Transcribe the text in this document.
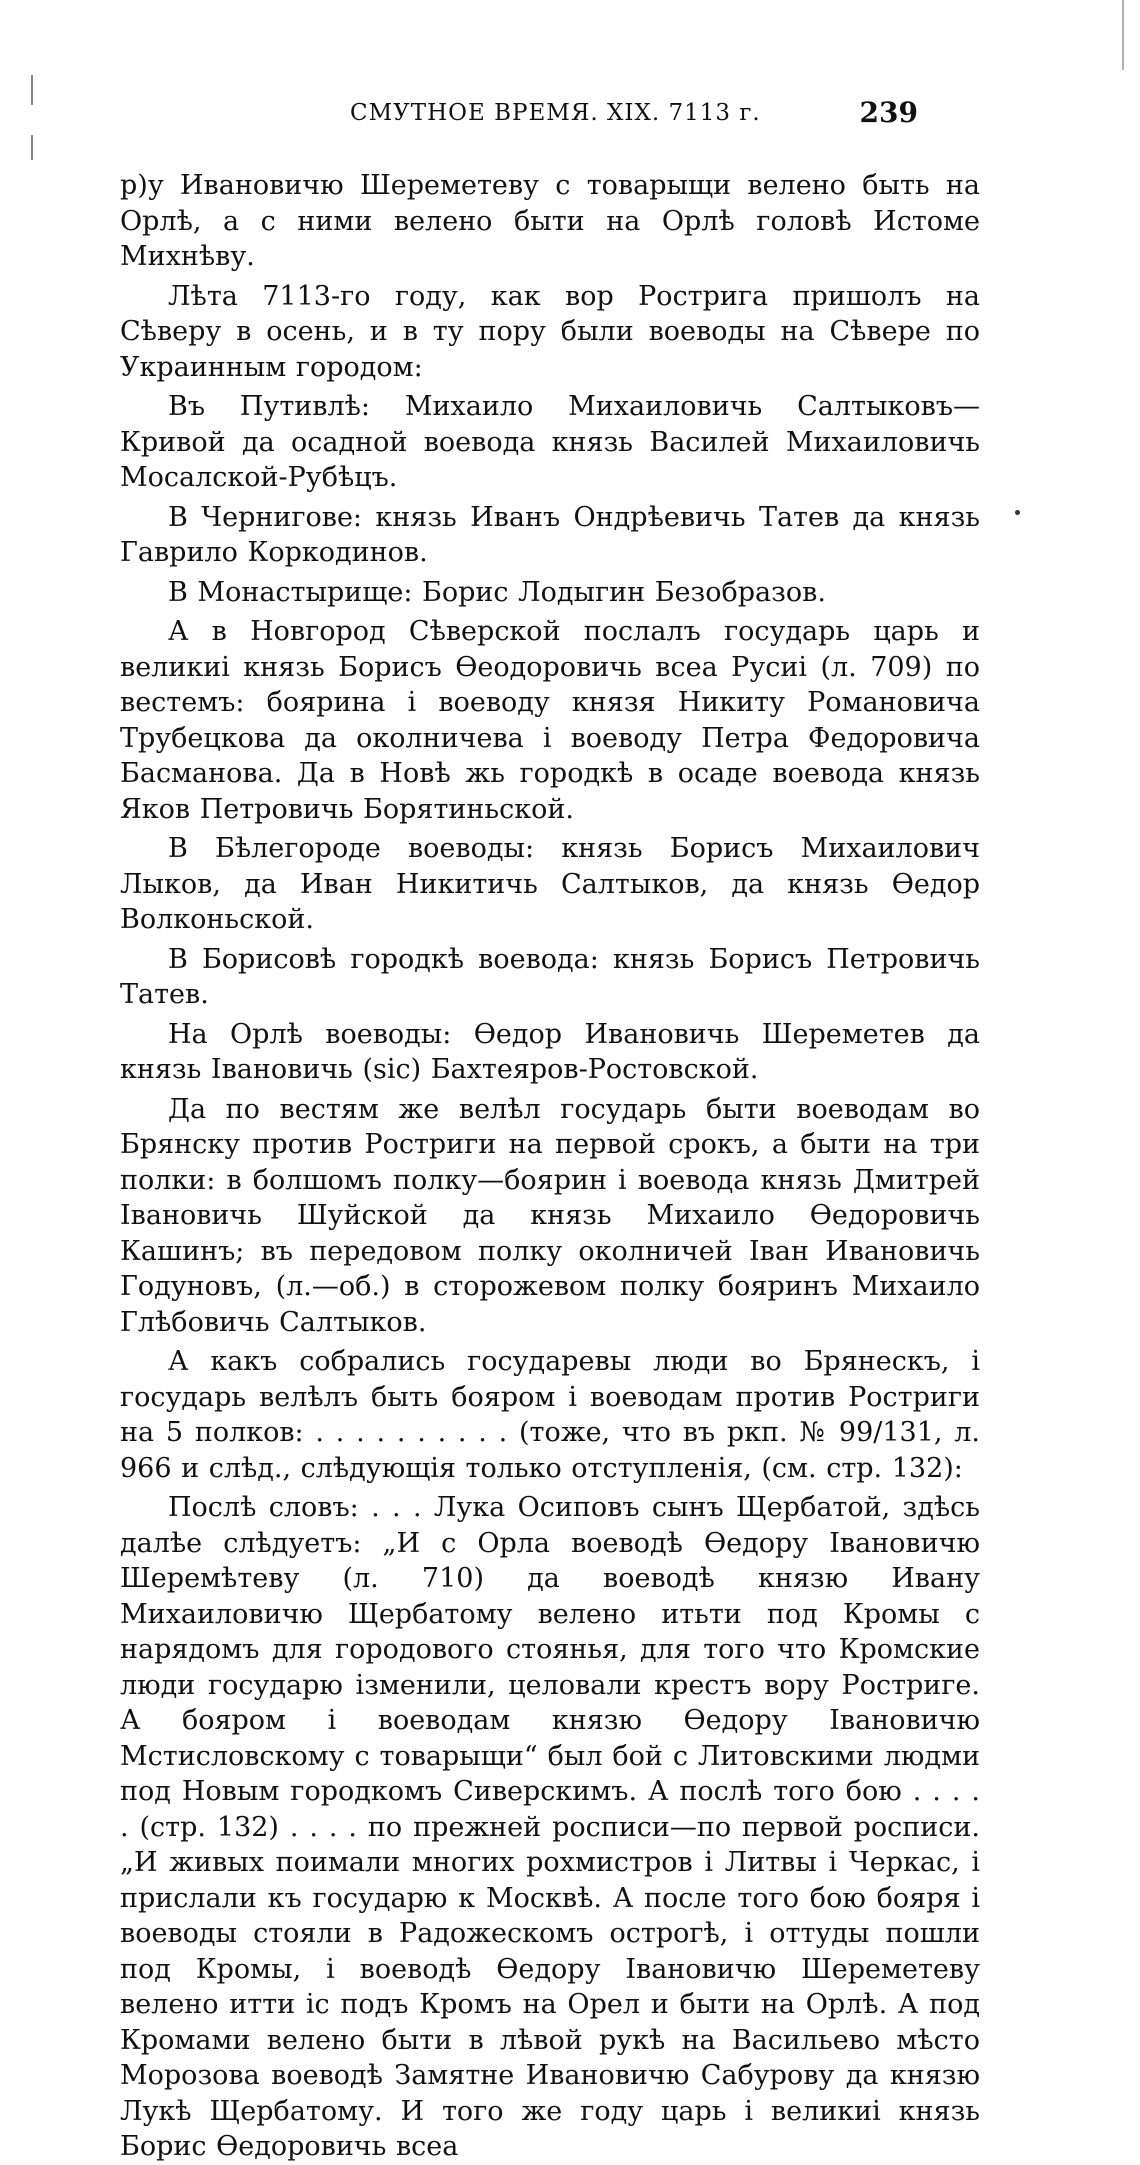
СМУТНОЕ ВРЕМЯ. XIX. 7113 г.	239

р)у Ивановичю Шереметеву с товарыщи велено быть на Орлѣ, а с ними велено быти на Орлѣ головѣ Истоме Михнѣву.

Лѣта 7113-го году, как вор Рострига пришолъ на Сѣверу в осень, и в ту пору были воеводы на Сѣвере по Украинным городом:

Въ Путивлѣ: Михаило Михаиловичь Салтыковъ—Кривой да осадной воевода князь Василей Михаиловичь Мосалской-Рубѣцъ.

В Чернигове: князь Иванъ Ондрѣевичь Татев да князь Гаврило Коркодинов.

В Монастырище: Борис Лодыгин Безобразов.

А в Новгород Сѣверской послалъ государь царь и великиі князь Борисъ Өеодоровичь всеа Русиі (л. 709) по вестемъ: боярина і воеводу князя Никиту Романовича Трубецкова да околничева і воеводу Петра Федоровича Басманова. Да в Новѣ жь городкѣ в осаде воевода князь Яков Петровичь Борятиньской.

В Бѣлегороде воеводы: князь Борисъ Михаилович Лыков, да Иван Никитичь Салтыков, да князь Өедор Волконьской.

В Борисовѣ городкѣ воевода: князь Борисъ Петровичь Татев.

На Орлѣ воеводы: Өедор Ивановичь Шереметев да князь Івановичь (sic) Бахтеяров-Ростовской.

Да по вестям же велѣл государь быти воеводам во Брянску против Ростриги на первой срокъ, а быти на три полки: в болшомъ полку—боярин і воевода князь Дмитрей Івановичь Шуйской да князь Михаило Өедоровичь Кашинъ; въ передовом полку околничей Іван Ивановичь Годуновъ, (л.—об.) в сторожевом полку бояринъ Михаило Глѣбовичь Салтыков.

А какъ собрались государевы люди во Брянескъ, і государь велѣлъ быть бояром і воеводам против Ростриги на 5 полков: . . . . . . . . . . (тоже, что въ ркп. № 99/131, л. 966 и слѣд., слѣдующія только отступленія, (см. стр. 132):

Послѣ словъ: . . . Лука Осиповъ сынъ Щербатой, здѣсь далѣе слѣдуетъ: „И с Орла воеводѣ Өедору Івановичю Шеремѣтеву (л. 710) да воеводѣ князю Ивану Михаиловичю Щербатому велено итьти под Кромы с нарядомъ для городового стоянья, для того что Кромские люди государю ізменили, целовали крестъ вору Ростриге. А бояром і воеводам князю Өедору Івановичю Мстисловскому с товарыщи“ был бой с Литовскими людми под Новым городкомъ Сиверскимъ. А послѣ того бою . . . . . (стр. 132) . . . . по прежней росписи—по первой росписи. „И живых поимали многих рохмистров і Литвы і Черкас, і прислали къ государю к Москвѣ. А после того бою бояря і воеводы стояли в Радожескомъ острогѣ, і оттуды пошли под Кромы, і воеводѣ Өедору Івановичю Шереметеву велено итти іс подъ Кромъ на Орел и быти на Орлѣ. А под Кромами велено быти в лѣвой рукѣ на Васильево мѣсто Морозова воеводѣ Замятне Ивановичю Сабурову да князю Лукѣ Щербатому. И того же году царь і великиі князь Борис Өедоровичь всеа
